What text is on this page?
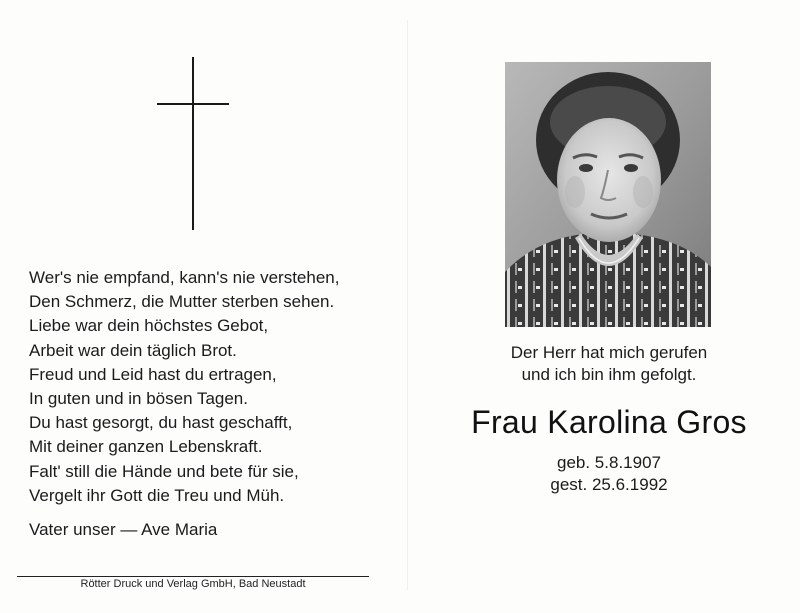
Wer's nie empfand, kann's nie verstehen,
Den Schmerz, die Mutter sterben sehen.
Liebe war dein höchstes Gebot,
Arbeit war dein täglich Brot.
Freud und Leid hast du ertragen,
In guten und in bösen Tagen.
Du hast gesorgt, du hast geschafft,
Mit deiner ganzen Lebenskraft.
Falt' still die Hände und bete für sie,
Vergelt ihr Gott die Treu und Müh.
Vater unser — Ave Maria
Rötter Druck und Verlag GmbH, Bad Neustadt
Der Herr hat mich gerufen
und ich bin ihm gefolgt.
Frau Karolina Gros
geb. 5.8.1907
gest. 25.6.1992
